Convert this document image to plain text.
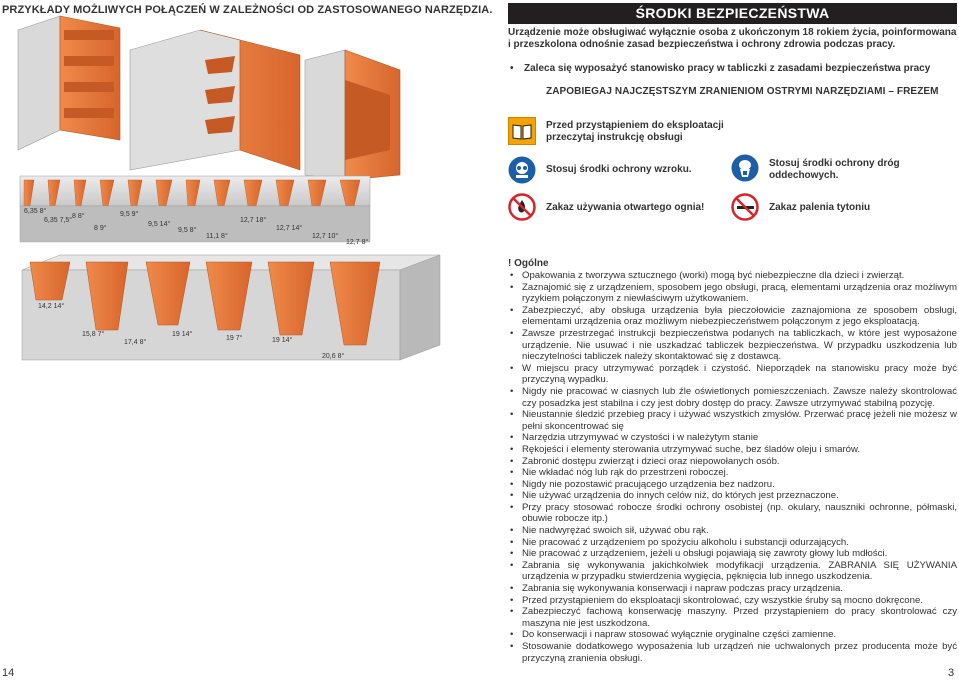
PRZYKŁADY MOŻLIWYCH POŁĄCZEŃ W ZALEŻNOŚCI OD ZASTOSOWANEGO NARZĘDZIA.
6,35 8°
6,35 7,5°
8 8°
8 9°
9,5 9°
9,5 14°
9,5 8°
11,1 8°
12,7 18°
12,7 14°
12,7 10°
12,7 8°
14,2 14°
15,8 7°
17,4 8°
19 14°
19 7°	19 14°
20,6 8°
14
ŚRODKI BEZPIECZEŃSTWA
Urządzenie może obsługiwać wyłącznie osoba z ukończonym 18 rokiem życia, poinformowana i przeszkolona odnośnie zasad bezpieczeństwa i ochrony zdrowia podczas pracy.
• Zaleca się wyposażyć stanowisko pracy w tabliczki z zasadami bezpieczeństwa pracy
ZAPOBIEGAJ NAJCZĘSTSZYM ZRANIENIOM OSTRYMI NARZĘDZIAMI – FREZEM
Przed przystąpieniem do eksploatacji przeczytaj instrukcję obsługi
Stosuj środki ochrony wzroku.
Stosuj środki ochrony dróg oddechowych.
Zakaz używania otwartego ognia!	Zakaz palenia tytoniu
! Ogólne
• Opakowania z tworzywa sztucznego (worki) mogą być niebezpieczne dla dzieci i zwierząt.
• Zaznajomić się z urządzeniem, sposobem jego obsługi, pracą, elementami urządzenia oraz możliwym ryzykiem połączonym z niewłaściwym użytkowaniem.
• Zabezpieczyć, aby obsługa urządzenia była pieczołowicie zaznajomiona ze sposobem obsługi, elementami urządzenia oraz możliwym niebezpieczeństwem połączonym z jego eksploatacją.
• Zawsze przestrzegać instrukcji bezpieczeństwa podanych na tabliczkach, w które jest wyposażone urządzenie. Nie usuwać i nie uszkadzać tabliczek bezpieczeństwa. W przypadku uszkodzenia lub nieczytelności tabliczek należy skontaktować się z dostawcą.
• W miejscu pracy utrzymywać porządek i czystość. Nieporządek na stanowisku pracy może być przyczyną wypadku.
• Nigdy nie pracować w ciasnych lub źle oświetlonych pomieszczeniach. Zawsze należy skontrolować czy posadzka jest stabilna i czy jest dobry dostęp do pracy. Zawsze utrzymywać stabilną pozycję.
• Nieustannie śledzić przebieg pracy i używać wszystkich zmysłów. Przerwać pracę jeżeli nie możesz w pełni skoncentrować się
• Narzędzia utrzymywać w czystości i w należytym stanie
• Rękojeści i elementy sterowania utrzymywać suche, bez śladów oleju i smarów.
• Zabronić dostępu zwierząt i dzieci oraz niepowołanych osób.
• Nie wkładać nóg lub rąk do przestrzeni roboczej.
• Nigdy nie pozostawić pracującego urządzenia bez nadzoru.
• Nie używać urządzenia do innych celów niż, do których jest przeznaczone.
• Przy pracy stosować robocze środki ochrony osobistej (np. okulary, nauszniki ochronne, półmaski, obuwie robocze itp.)
• Nie nadwyrężać swoich sił, używać obu rąk.
• Nie pracować z urządzeniem po spożyciu alkoholu i substancji odurzających.
• Nie pracować z urządzeniem, jeżeli u obsługi pojawiają się zawroty głowy lub mdłości.
• Zabrania się wykonywania jakichkolwiek modyfikacji urządzenia. ZABRANIA SIĘ UŻYWANIA urządzenia w przypadku stwierdzenia wygięcia, pęknięcia lub innego uszkodzenia.
• Zabrania się wykonywania konserwacji i napraw podczas pracy urządzenia.
• Przed przystąpieniem do eksploatacji skontrolować, czy wszystkie śruby są mocno dokręcone.
• Zabezpieczyć fachową konserwację maszyny. Przed przystąpieniem do pracy skontrolować czy maszyna nie jest uszkodzona.
• Do konserwacji i napraw stosować wyłącznie oryginalne części zamienne.
• Stosowanie dodatkowego wyposażenia lub urządzeń nie uchwalonych przez producenta może być przyczyną zranienia obsługi.
3
